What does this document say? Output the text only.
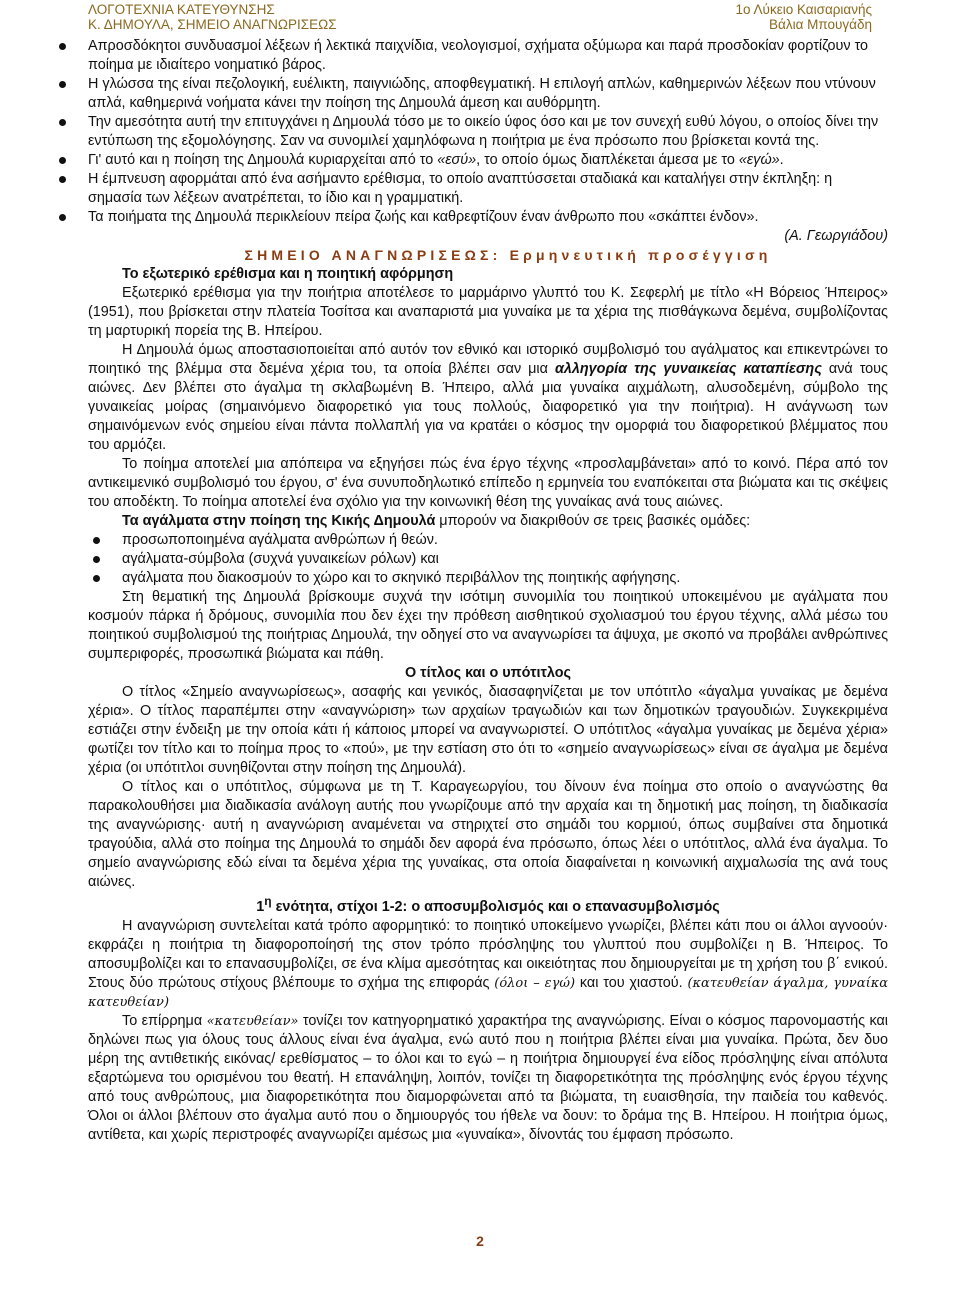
ΛΟΓΟΤΕΧΝΙΑ ΚΑΤΕΥΘΥΝΣΗΣ
Κ. ΔΗΜΟΥΛΑ, ΣΗΜΕΙΟ ΑΝΑΓΝΩΡΙΣΕΩΣ
1ο Λύκειο Καισαριανής
Βάλια Μπουγάδη
Απροσδόκητοι συνδυασμοί λέξεων ή λεκτικά παιχνίδια, νεολογισμοί, σχήματα οξύμωρα και παρά προσδοκίαν φορτίζουν το ποίημα με ιδιαίτερο νοηματικό βάρος.
Η γλώσσα της είναι πεζολογική, ευέλικτη, παιγνιώδης, αποφθεγματική. Η επιλογή απλών, καθημερινών λέξεων που ντύνουν απλά, καθημερινά νοήματα κάνει την ποίηση της Δημουλά άμεση και αυθόρμητη.
Την αμεσότητα αυτή την επιτυγχάνει η Δημουλά τόσο με το οικείο ύφος όσο και με τον συνεχή ευθύ λόγου, ο οποίος δίνει την εντύπωση της εξομολόγησης. Σαν να συνομιλεί χαμηλόφωνα η ποιήτρια με ένα πρόσωπο που βρίσκεται κοντά της.
Γι' αυτό και η ποίηση της Δημουλά κυριαρχείται από το «εσύ», το οποίο όμως διαπλέκεται άμεσα με το «εγώ».
Η έμπνευση αφορμάται από ένα ασήμαντο ερέθισμα, το οποίο αναπτύσσεται σταδιακά και καταλήγει στην έκπληξη: η σημασία των λέξεων ανατρέπεται, το ίδιο και η γραμματική.
Τα ποιήματα της Δημουλά περικλείουν πείρα ζωής και καθρεφτίζουν έναν άνθρωπο που «σκάπτει ένδον».

(Α. Γεωργιάδου)

ΣΗΜΕΙΟ ΑΝΑΓΝΩΡΙΣΕΩΣ: Ερμηνευτική προσέγγιση

Το εξωτερικό ερέθισμα και η ποιητική αφόρμηση

Εξωτερικό ερέθισμα για την ποιήτρια αποτέλεσε το μαρμάρινο γλυπτό του Κ. Σεφερλή με τίτλο «Η Βόρειος Ήπειρος» (1951), που βρίσκεται στην πλατεία Τοσίτσα και αναπαριστά μια γυναίκα με τα χέρια της πισθάγκωνα δεμένα, συμβολίζοντας τη μαρτυρική πορεία της Β. Ηπείρου.

Η Δημουλά όμως αποστασιοποιείται από αυτόν τον εθνικό και ιστορικό συμβολισμό του αγάλματος και επικεντρώνει το ποιητικό της βλέμμα στα δεμένα χέρια του, τα οποία βλέπει σαν μια αλληγορία της γυναικείας καταπίεσης ανά τους αιώνες. Δεν βλέπει στο άγαλμα τη σκλαβωμένη Β. Ήπειρο, αλλά μια γυναίκα αιχμάλωτη, αλυσοδεμένη, σύμβολο της γυναικείας μοίρας (σημαινόμενο διαφορετικό για τους πολλούς, διαφορετικό για την ποιήτρια). Η ανάγνωση των σημαινόμενων ενός σημείου είναι πάντα πολλαπλή για να κρατάει ο κόσμος την ομορφιά του διαφορετικού βλέμματος που του αρμόζει.

Το ποίημα αποτελεί μια απόπειρα να εξηγήσει πώς ένα έργο τέχνης «προσλαμβάνεται» από το κοινό. Πέρα από τον αντικειμενικό συμβολισμό του έργου, σ' ένα συνυποδηλωτικό επίπεδο η ερμηνεία του εναπόκειται στα βιώματα και τις σκέψεις του αποδέκτη. Το ποίημα αποτελεί ένα σχόλιο για την κοινωνική θέση της γυναίκας ανά τους αιώνες.

Τα αγάλματα στην ποίηση της Κικής Δημουλά μπορούν να διακριθούν σε τρεις βασικές ομάδες:

προσωποποιημένα αγάλματα ανθρώπων ή θεών.
αγάλματα-σύμβολα (συχνά γυναικείων ρόλων) και
αγάλματα που διακοσμούν το χώρο και το σκηνικό περιβάλλον της ποιητικής αφήγησης.

Στη θεματική της Δημουλά βρίσκουμε συχνά την ισότιμη συνομιλία του ποιητικού υποκειμένου με αγάλματα που κοσμούν πάρκα ή δρόμους, συνομιλία που δεν έχει την πρόθεση αισθητικού σχολιασμού του έργου τέχνης, αλλά μέσω του ποιητικού συμβολισμού της ποιήτριας Δημουλά, την οδηγεί στο να αναγνωρίσει τα άψυχα, με σκοπό να προβάλει ανθρώπινες συμπεριφορές, προσωπικά βιώματα και πάθη.

Ο τίτλος και ο υπότιτλος

Ο τίτλος «Σημείο αναγνωρίσεως», ασαφής και γενικός, διασαφηνίζεται με τον υπότιτλο «άγαλμα γυναίκας με δεμένα χέρια». Ο τίτλος παραπέμπει στην «αναγνώριση» των αρχαίων τραγωδιών και των δημοτικών τραγουδιών. Συγκεκριμένα εστιάζει στην ένδειξη με την οποία κάτι ή κάποιος μπορεί να αναγνωριστεί. Ο υπότιτλος «άγαλμα γυναίκας με δεμένα χέρια» φωτίζει τον τίτλο και το ποίημα προς το «πού», με την εστίαση στο ότι το «σημείο αναγνωρίσεως» είναι σε άγαλμα με δεμένα χέρια (οι υπότιτλοι συνηθίζονται στην ποίηση της Δημουλά).

Ο τίτλος και ο υπότιτλος, σύμφωνα με τη Τ. Καραγεωργίου, του δίνουν ένα ποίημα στο οποίο ο αναγνώστης θα παρακολουθήσει μια διαδικασία ανάλογη αυτής που γνωρίζουμε από την αρχαία και τη δημοτική μας ποίηση, τη διαδικασία της αναγνώρισης· αυτή η αναγνώριση αναμένεται να στηριχτεί στο σημάδι του κορμιού, όπως συμβαίνει στα δημοτικά τραγούδια, αλλά στο ποίημα της Δημουλά το σημάδι δεν αφορά ένα πρόσωπο, όπως λέει ο υπότιτλος, αλλά ένα άγαλμα. Το σημείο αναγνώρισης εδώ είναι τα δεμένα χέρια της γυναίκας, στα οποία διαφαίνεται η κοινωνική αιχμαλωσία της ανά τους αιώνες.

$1^\eta$ ενότητα, στίχοι 1-2: ο αποσυμβολισμός και ο επανασυμβολισμός

Η αναγνώριση συντελείται κατά τρόπο αφορμητικό: το ποιητικό υποκείμενο γνωρίζει, βλέπει κάτι που οι άλλοι αγνοούν· εκφράζει η ποιήτρια τη διαφοροποίησή της στον τρόπο πρόσληψης του γλυπτού που συμβολίζει η Β. Ήπειρος. Το αποσυμβολίζει και το επανασυμβολίζει, σε ένα κλίμα αμεσότητας και οικειότητας που δημιουργείται με τη χρήση του β΄ ενικού. Στους δύο πρώτους στίχους βλέπουμε το σχήμα της επιφοράς (όλοι – εγώ) και του χιαστού. (κατευθείαν άγαλμα, γυναίκα κατευθείαν)

Το επίρρημα «κατευθείαν» τονίζει τον κατηγορηματικό χαρακτήρα της αναγνώρισης. Είναι ο κόσμος παρονομαστής και δηλώνει πως για όλους τους άλλους είναι ένα άγαλμα, ενώ αυτό που η ποιήτρια βλέπει είναι μια γυναίκα. Πρώτα, δεν δυο μέρη της αντιθετικής εικόνας/ ερεθίσματος – το όλοι και το εγώ – η ποιήτρια δημιουργεί ένα είδος πρόσληψης είναι απόλυτα εξαρτώμενα του ορισμένου του θεατή. Η επανάληψη, λοιπόν, τονίζει τη διαφορετικότητα της πρόσληψης ενός έργου τέχνης από τους ανθρώπους, μια διαφορετικότητα που διαμορφώνεται από τα βιώματα, τη ευαισθησία, την παιδεία του καθενός. Όλοι οι άλλοι βλέπουν στο άγαλμα αυτό που ο δημιουργός του ήθελε να δουν: το δράμα της Β. Ηπείρου. Η ποιήτρια όμως, αντίθετα, και χωρίς περιστροφές αναγνωρίζει αμέσως μια «γυναίκα», δίνοντάς του έμφαση πρόσωπο.

2
